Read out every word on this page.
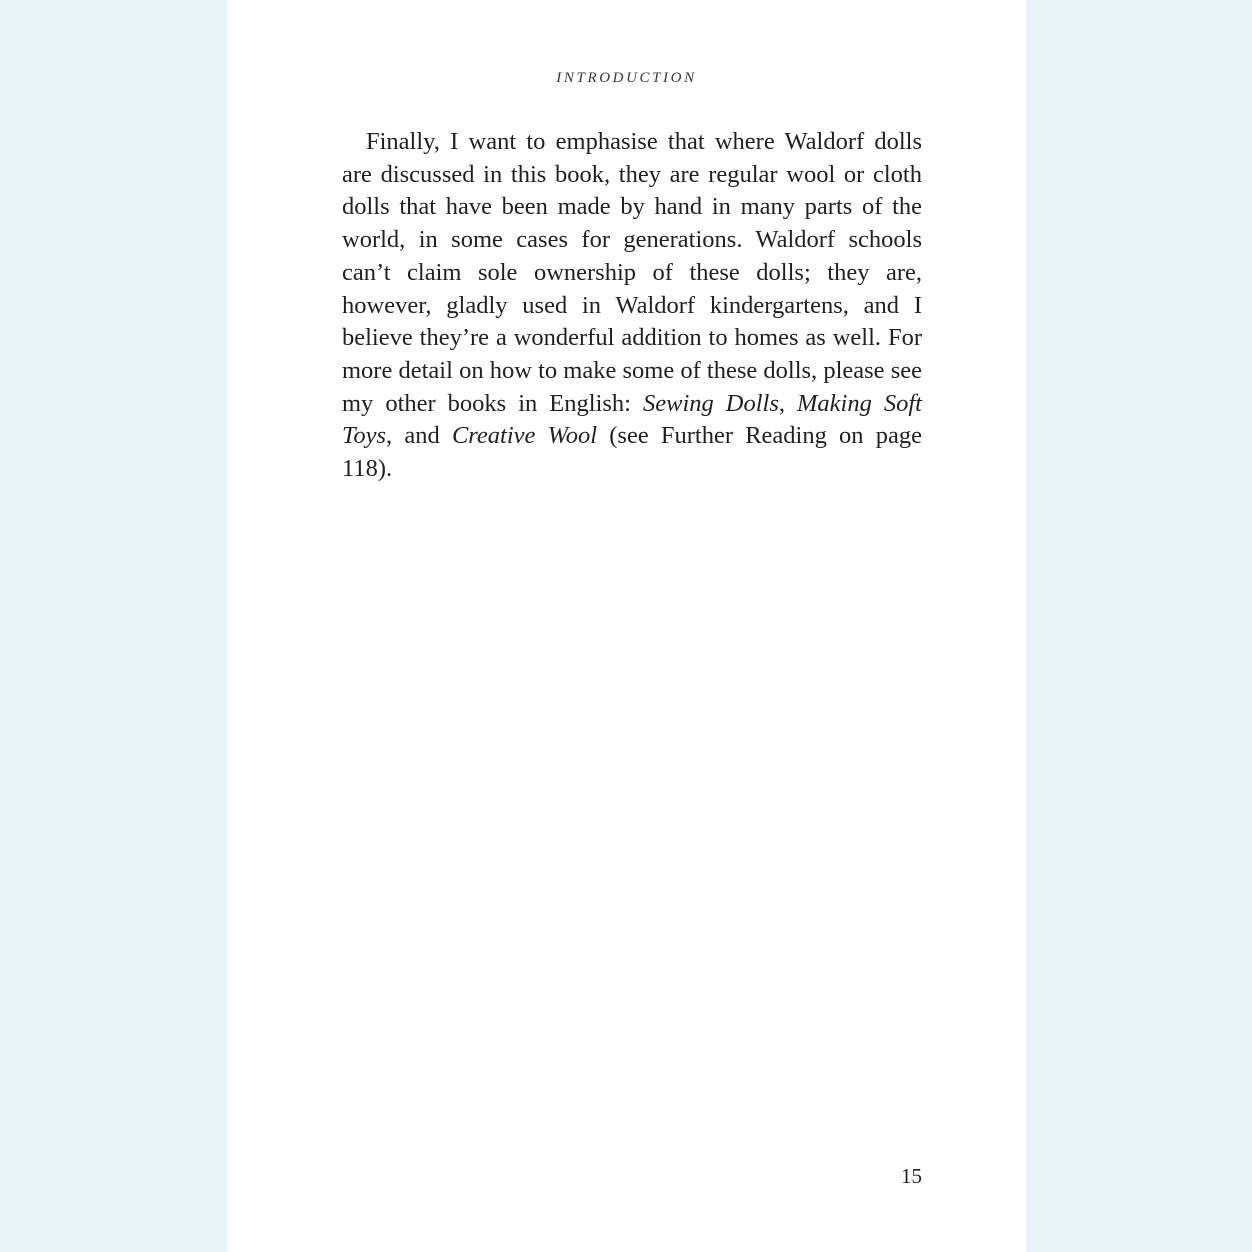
INTRODUCTION

Finally, I want to emphasise that where Waldorf dolls are discussed in this book, they are regular wool or cloth dolls that have been made by hand in many parts of the world, in some cases for generations. Waldorf schools can’t claim sole ownership of these dolls; they are, however, gladly used in Waldorf kindergartens, and I believe they’re a wonderful addition to homes as well. For more detail on how to make some of these dolls, please see my other books in English: Sewing Dolls, Making Soft Toys, and Creative Wool (see Further Reading on page 118).

15
